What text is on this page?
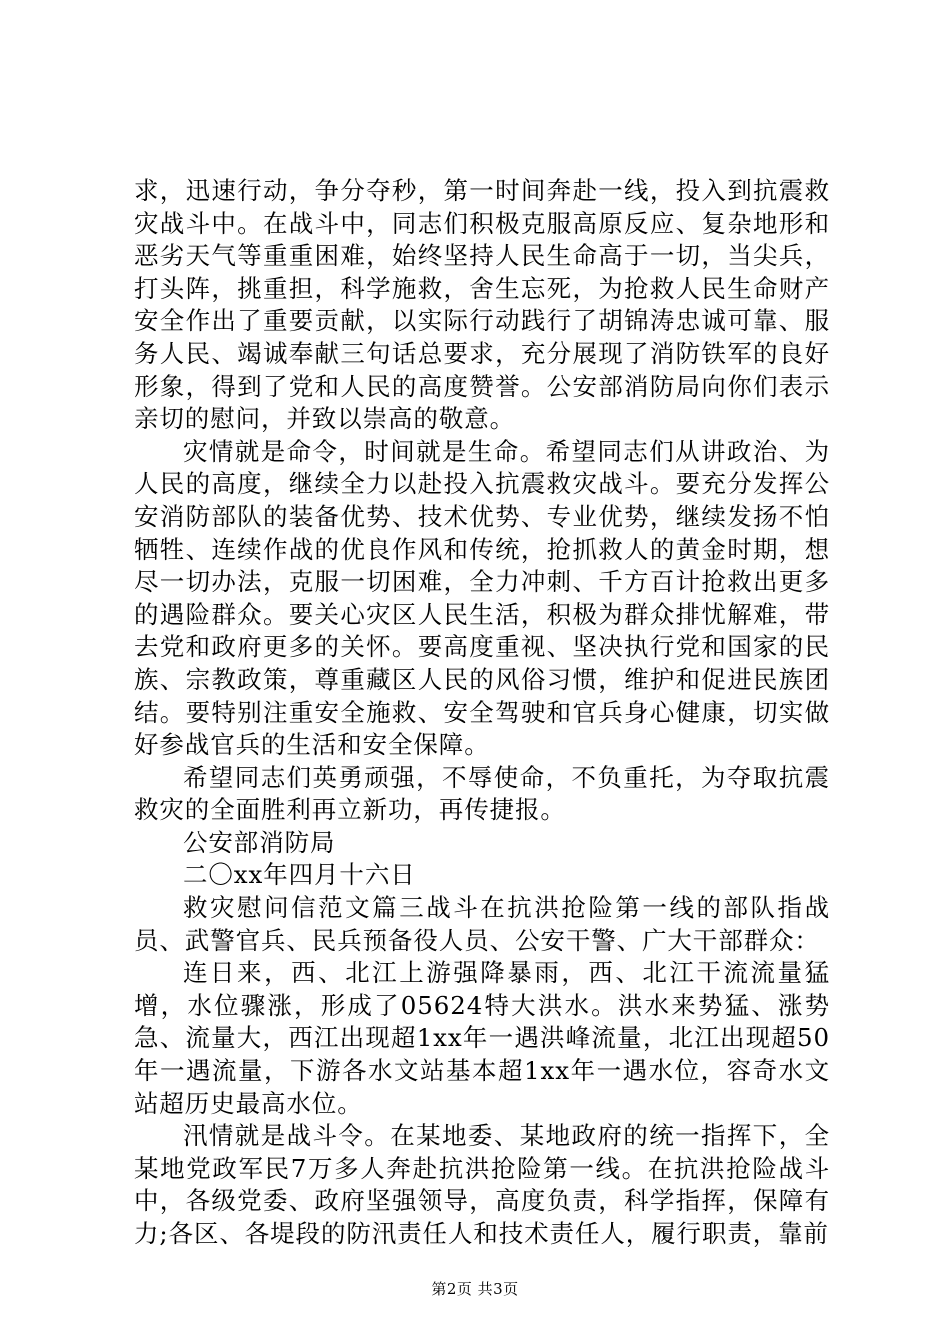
求，迅速行动，争分夺秒，第一时间奔赴一线，投入到抗震救灾战斗中。在战斗中，同志们积极克服高原反应、复杂地形和恶劣天气等重重困难，始终坚持人民生命高于一切，当尖兵，打头阵，挑重担，科学施救，舍生忘死，为抢救人民生命财产安全作出了重要贡献，以实际行动践行了胡锦涛忠诚可靠、服务人民、竭诚奉献三句话总要求，充分展现了消防铁军的良好形象，得到了党和人民的高度赞誉。公安部消防局向你们表示亲切的慰问，并致以崇高的敬意。

灾情就是命令，时间就是生命。希望同志们从讲政治、为人民的高度，继续全力以赴投入抗震救灾战斗。要充分发挥公安消防部队的装备优势、技术优势、专业优势，继续发扬不怕牺牲、连续作战的优良作风和传统，抢抓救人的黄金时期，想尽一切办法，克服一切困难，全力冲刺、千方百计抢救出更多的遇险群众。要关心灾区人民生活，积极为群众排忧解难，带去党和政府更多的关怀。要高度重视、坚决执行党和国家的民族、宗教政策，尊重藏区人民的风俗习惯，维护和促进民族团结。要特别注重安全施救、安全驾驶和官兵身心健康，切实做好参战官兵的生活和安全保障。

希望同志们英勇顽强，不辱使命，不负重托，为夺取抗震救灾的全面胜利再立新功，再传捷报。

公安部消防局

二〇xx年四月十六日

救灾慰问信范文篇三战斗在抗洪抢险第一线的部队指战员、武警官兵、民兵预备役人员、公安干警、广大干部群众：

连日来，西、北江上游强降暴雨，西、北江干流流量猛增，水位骤涨，形成了05624特大洪水。洪水来势猛、涨势急、流量大，西江出现超1xx年一遇洪峰流量，北江出现超50年一遇流量，下游各水文站基本超1xx年一遇水位，容奇水文站超历史最高水位。

汛情就是战斗令。在某地委、某地政府的统一指挥下，全某地党政军民7万多人奔赴抗洪抢险第一线。在抗洪抢险战斗中，各级党委、政府坚强领导，高度负责，科学指挥，保障有力;各区、各堤段的防汛责任人和技术责任人，履行职责，靠前

第2页 共3页
